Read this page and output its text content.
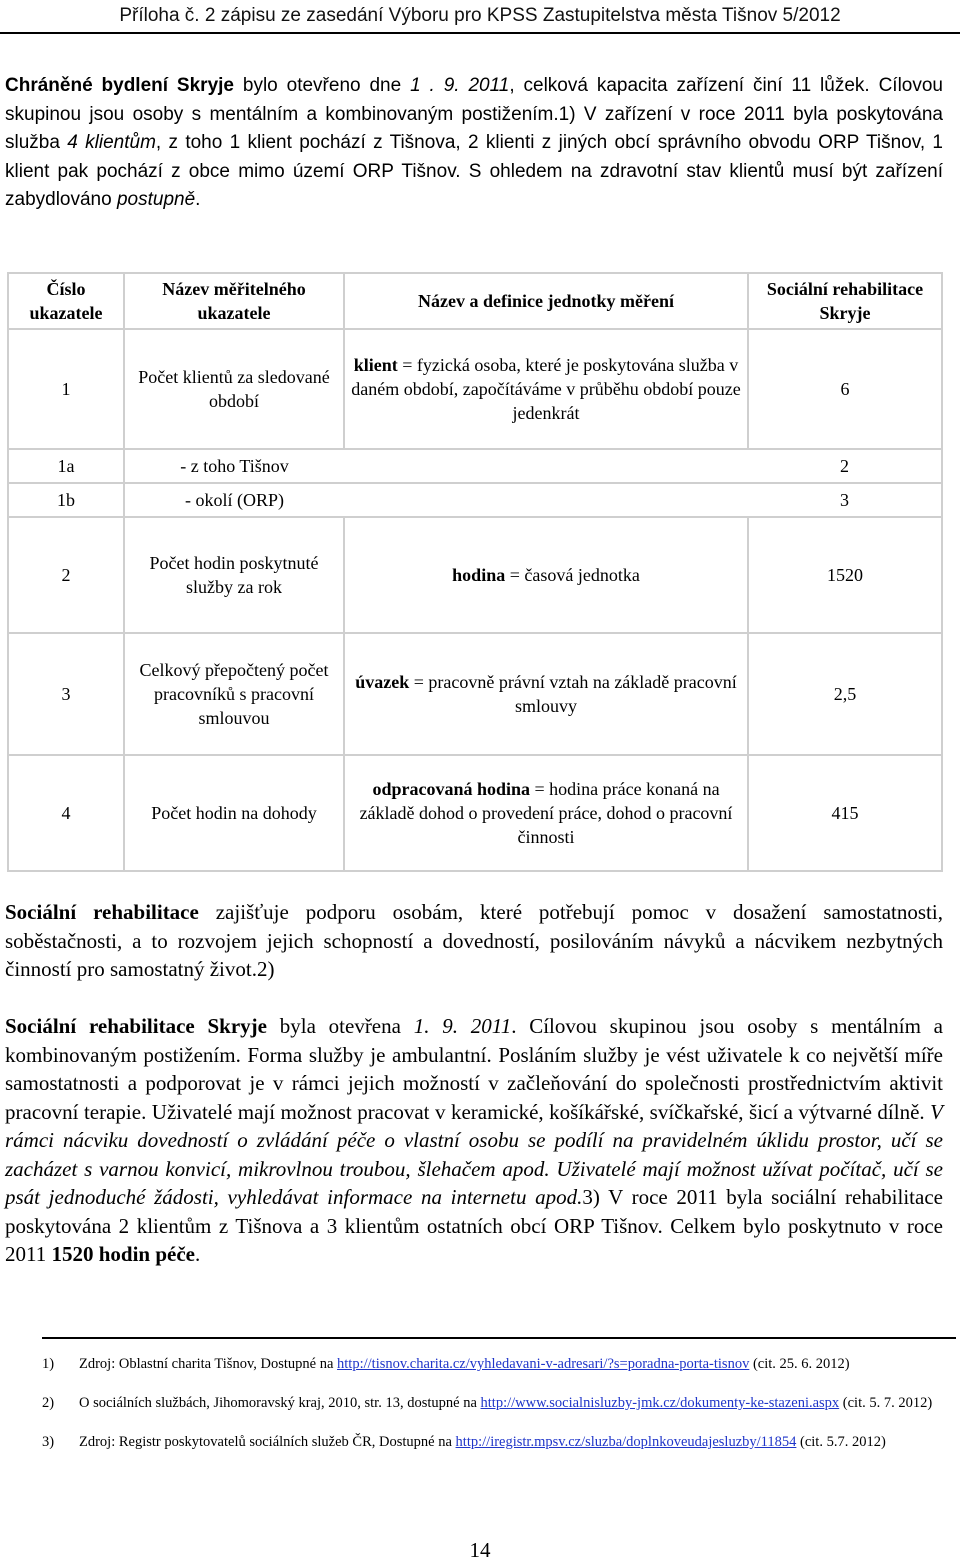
Příloha č. 2 zápisu ze zasedání Výboru pro KPSS Zastupitelstva města Tišnov 5/2012
Chráněné bydlení Skryje bylo otevřeno dne 1 . 9. 2011, celková kapacita zařízení činí 11 lůžek. Cílovou skupinou jsou osoby s mentálním a kombinovaným postižením.1) V zařízení v roce 2011 byla poskytována služba 4 klientům, z toho 1 klient pochází z Tišnova, 2 klienti z jiných obcí správního obvodu ORP Tišnov, 1 klient pak pochází z obce mimo území ORP Tišnov. S ohledem na zdravotní stav klientů musí být zařízení zabydlováno postupně.
Číslo ukazatele	Název měřitelného ukazatele	Název a definice jednotky měření	Sociální rehabilitace Skryje
1	Počet klientů za sledované období	klient = fyzická osoba, které je poskytována služba v daném období, započítáváme v průběhu období pouze jedenkrát	6
1a	- z toho Tišnov		2
1b	- okolí (ORP)		3
2	Počet hodin poskytnuté služby za rok	hodina = časová jednotka	1520
3	Celkový přepočtený počet pracovníků s pracovní smlouvou	úvazek = pracovně právní vztah na základě pracovní smlouvy	2,5
4	Počet hodin na dohody	odpracovaná hodina = hodina práce konaná na základě dohod o provedení práce, dohod o pracovní činnosti	415
Sociální rehabilitace zajišťuje podporu osobám, které potřebují pomoc v dosažení samostatnosti, soběstačnosti, a to rozvojem jejich schopností a dovedností, posilováním návyků a nácvikem nezbytných činností pro samostatný život.2)
Sociální rehabilitace Skryje byla otevřena 1. 9. 2011. Cílovou skupinou jsou osoby s mentálním a kombinovaným postižením. Forma služby je ambulantní. Posláním služby je vést uživatele k co největší míře samostatnosti a podporovat je v rámci jejich možností v začleňování do společnosti prostřednictvím aktivit pracovní terapie. Uživatelé mají možnost pracovat v keramické, košíkářské, svíčkařské, šicí a výtvarné dílně. V rámci nácviku dovedností o zvládání péče o vlastní osobu se podílí na pravidelném úklidu prostor, učí se zacházet s varnou konvicí, mikrovlnou troubou, šlehačem apod. Uživatelé mají možnost užívat počítač, učí se psát jednoduché žádosti, vyhledávat informace na internetu apod.3) V roce 2011 byla sociální rehabilitace poskytována 2 klientům z Tišnova a 3 klientům ostatních obcí ORP Tišnov. Celkem bylo poskytnuto v roce 2011 1520 hodin péče.
1)	Zdroj: Oblastní charita Tišnov, Dostupné na http://tisnov.charita.cz/vyhledavani-v-adresari/?s=poradna-porta-tisnov (cit. 25. 6. 2012)
2)	O sociálních službách, Jihomoravský kraj, 2010, str. 13, dostupné na http://www.socialnisluzby-jmk.cz/dokumenty-ke-stazeni.aspx (cit. 5. 7. 2012)
3)	Zdroj: Registr poskytovatelů sociálních služeb ČR, Dostupné na http://iregistr.mpsv.cz/sluzba/doplnkoveudajesluzby/11854 (cit. 5.7. 2012)
14
